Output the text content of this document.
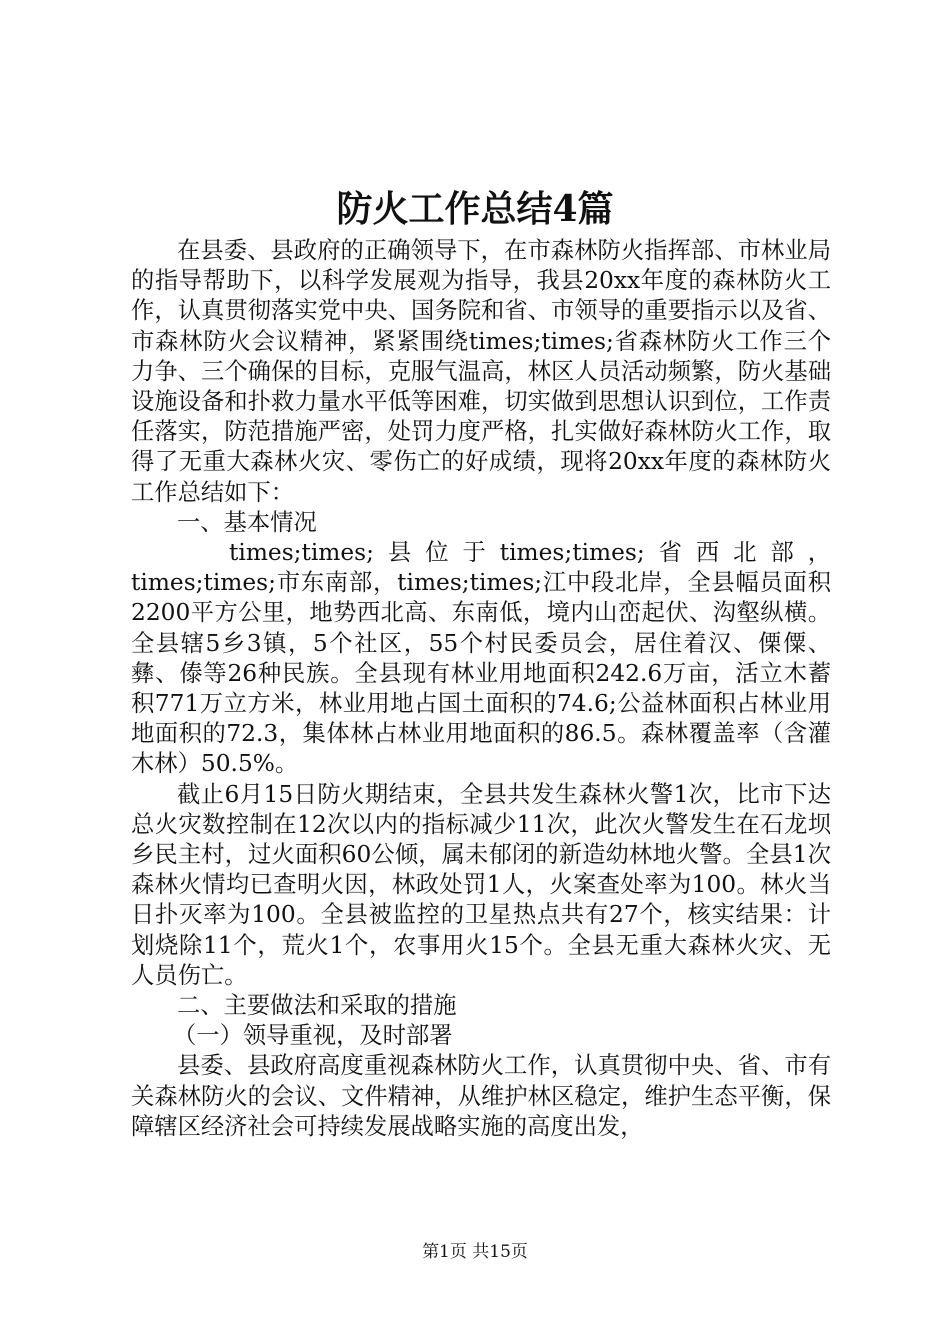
防火工作总结4篇

在县委、县政府的正确领导下，在市森林防火指挥部、市林业局的指导帮助下，以科学发展观为指导，我县20xx年度的森林防火工作，认真贯彻落实党中央、国务院和省、市领导的重要指示以及省、市森林防火会议精神，紧紧围绕times;times;省森林防火工作三个力争、三个确保的目标，克服气温高，林区人员活动频繁，防火基础设施设备和扑救力量水平低等困难，切实做到思想认识到位，工作责任落实，防范措施严密，处罚力度严格，扎实做好森林防火工作，取得了无重大森林火灾、零伤亡的好成绩，现将20xx年度的森林防火工作总结如下：

一、基本情况

times;times;县位于times;times;省西北部，times;times;市东南部，times;times;江中段北岸，全县幅员面积2200平方公里，地势西北高、东南低，境内山峦起伏、沟壑纵横。全县辖5乡3镇，5个社区，55个村民委员会，居住着汉、傈僳、彝、傣等26种民族。全县现有林业用地面积242.6万亩，活立木蓄积771万立方米，林业用地占国土面积的74.6;公益林面积占林业用地面积的72.3，集体林占林业用地面积的86.5。森林覆盖率（含灌木林）50.5%。

截止6月15日防火期结束，全县共发生森林火警1次，比市下达总火灾数控制在12次以内的指标减少11次，此次火警发生在石龙坝乡民主村，过火面积60公倾，属未郁闭的新造幼林地火警。全县1次森林火情均已查明火因，林政处罚1人，火案查处率为100。林火当日扑灭率为100。全县被监控的卫星热点共有27个，核实结果：计划烧除11个，荒火1个，农事用火15个。全县无重大森林火灾、无人员伤亡。

二、主要做法和采取的措施

（一）领导重视，及时部署

县委、县政府高度重视森林防火工作，认真贯彻中央、省、市有关森林防火的会议、文件精神，从维护林区稳定，维护生态平衡，保障辖区经济社会可持续发展战略实施的高度出发，

第1页 共15页
